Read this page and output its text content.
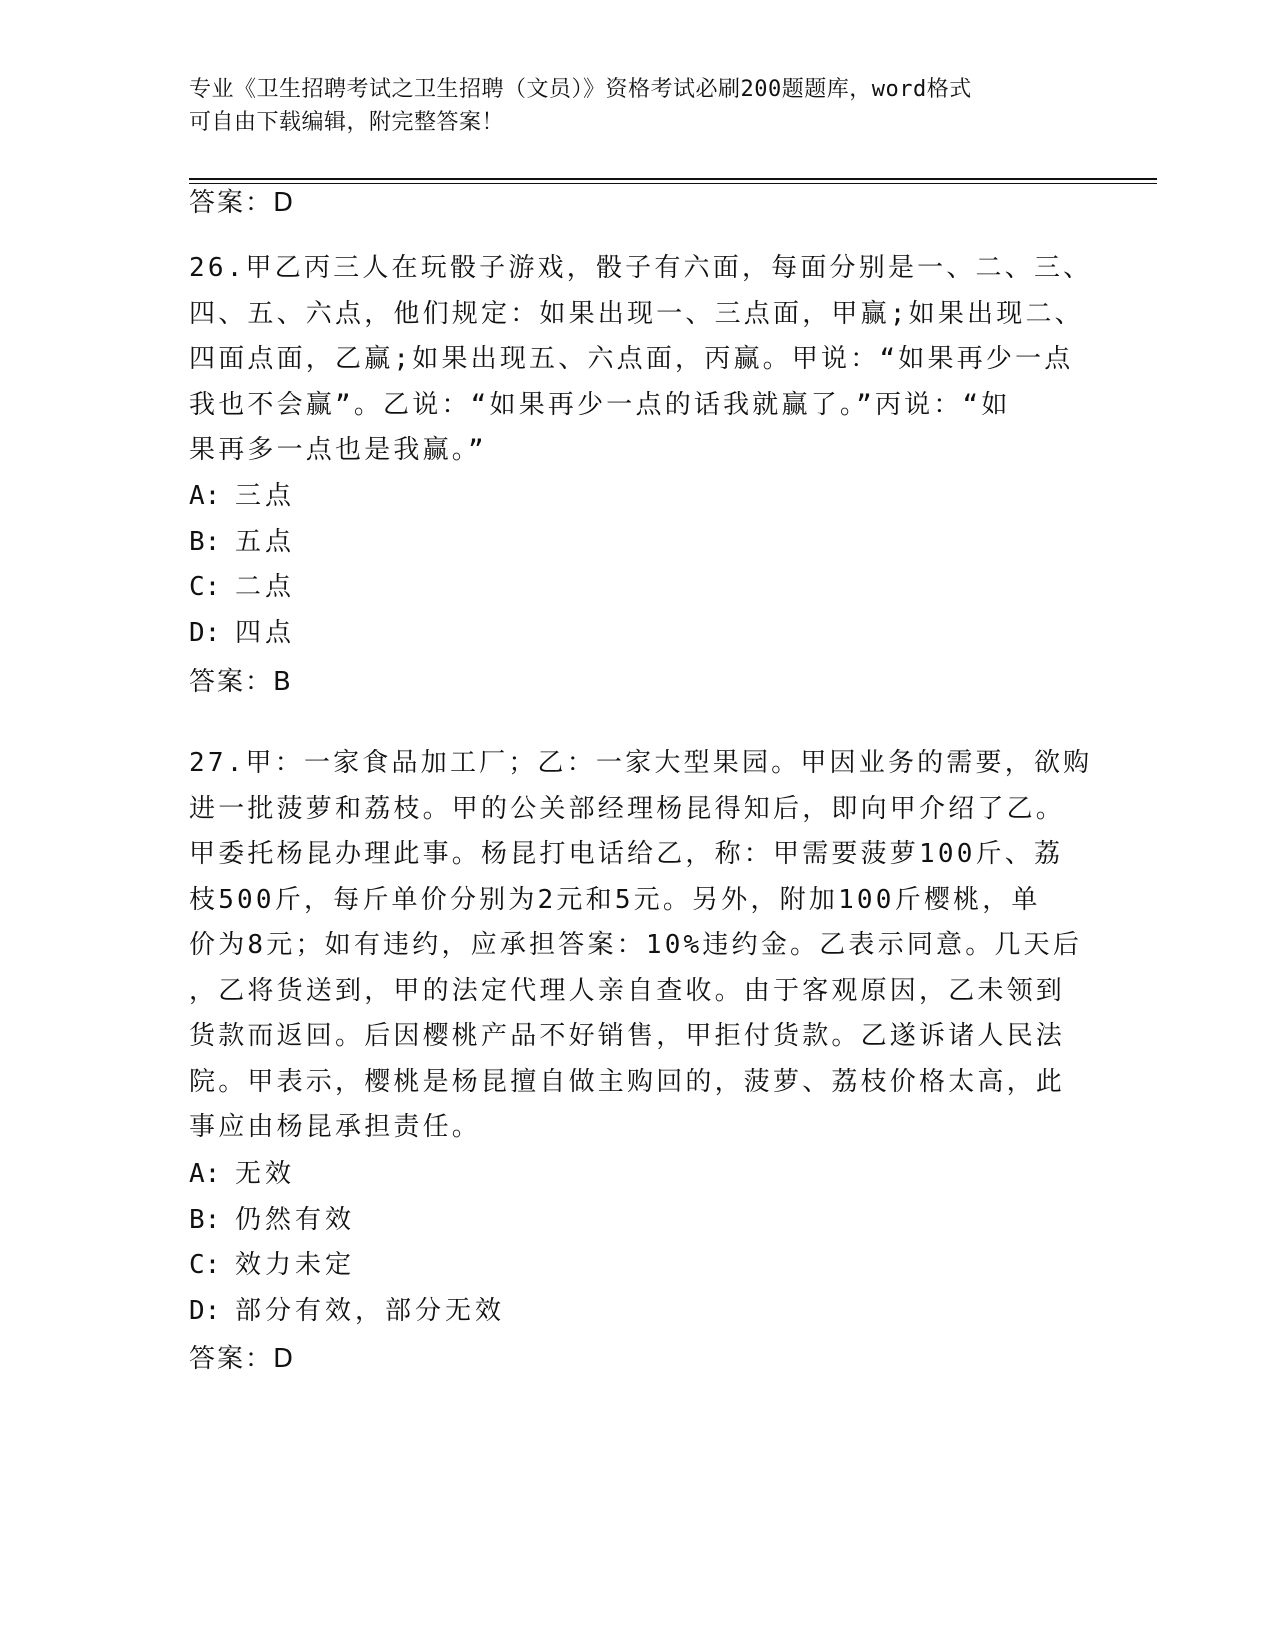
专业《卫生招聘考试之卫生招聘（文员）》资格考试必刷200题题库，word格式
可自由下载编辑，附完整答案！
答案：D
26.甲乙丙三人在玩骰子游戏，骰子有六面，每面分别是一、二、三、
四、五、六点，他们规定：如果出现一、三点面，甲赢;如果出现二、
四面点面，乙赢;如果出现五、六点面，丙赢。甲说：“如果再少一点
我也不会赢”。乙说：“如果再少一点的话我就赢了。”丙说：“如
果再多一点也是我赢。”
A: 三点
B: 五点
C: 二点
D: 四点
答案：B
27.甲：一家食品加工厂；乙：一家大型果园。甲因业务的需要，欲购
进一批菠萝和荔枝。甲的公关部经理杨昆得知后，即向甲介绍了乙。
甲委托杨昆办理此事。杨昆打电话给乙，称：甲需要菠萝100斤、荔
枝500斤，每斤单价分别为2元和5元。另外，附加100斤樱桃，单
价为8元；如有违约，应承担答案：10%违约金。乙表示同意。几天后
，乙将货送到，甲的法定代理人亲自查收。由于客观原因，乙未领到
货款而返回。后因樱桃产品不好销售，甲拒付货款。乙遂诉诸人民法
院。甲表示，樱桃是杨昆擅自做主购回的，菠萝、荔枝价格太高，此
事应由杨昆承担责任。
A: 无效
B: 仍然有效
C: 效力未定
D: 部分有效，部分无效
答案：D
